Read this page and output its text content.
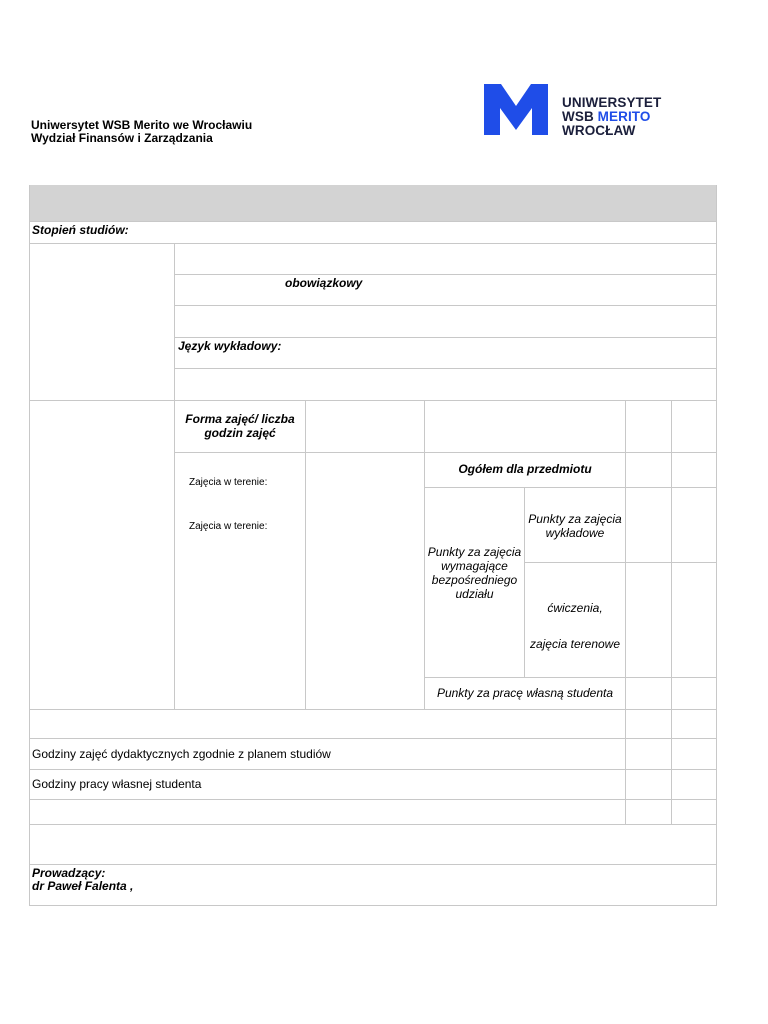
Uniwersytet WSB Merito we Wrocławiu
Wydział Finansów i Zarządzania
UNIWERSYTET
WSB MERITO
WROCŁAW
Stopień studiów:
obowiązkowy
Język wykładowy:
Forma zajęć/ liczba godzin zajęć
Zajęcia w terenie:
Zajęcia w terenie:
Ogółem dla przedmiotu
Punkty za zajęcia wymagające bezpośredniego udziału
Punkty za zajęcia wykładowe
ćwiczenia,
zajęcia terenowe
Punkty za pracę własną studenta
Godziny zajęć dydaktycznych zgodnie z planem studiów
Godziny pracy własnej studenta
Prowadzący:
dr Paweł Falenta ,
